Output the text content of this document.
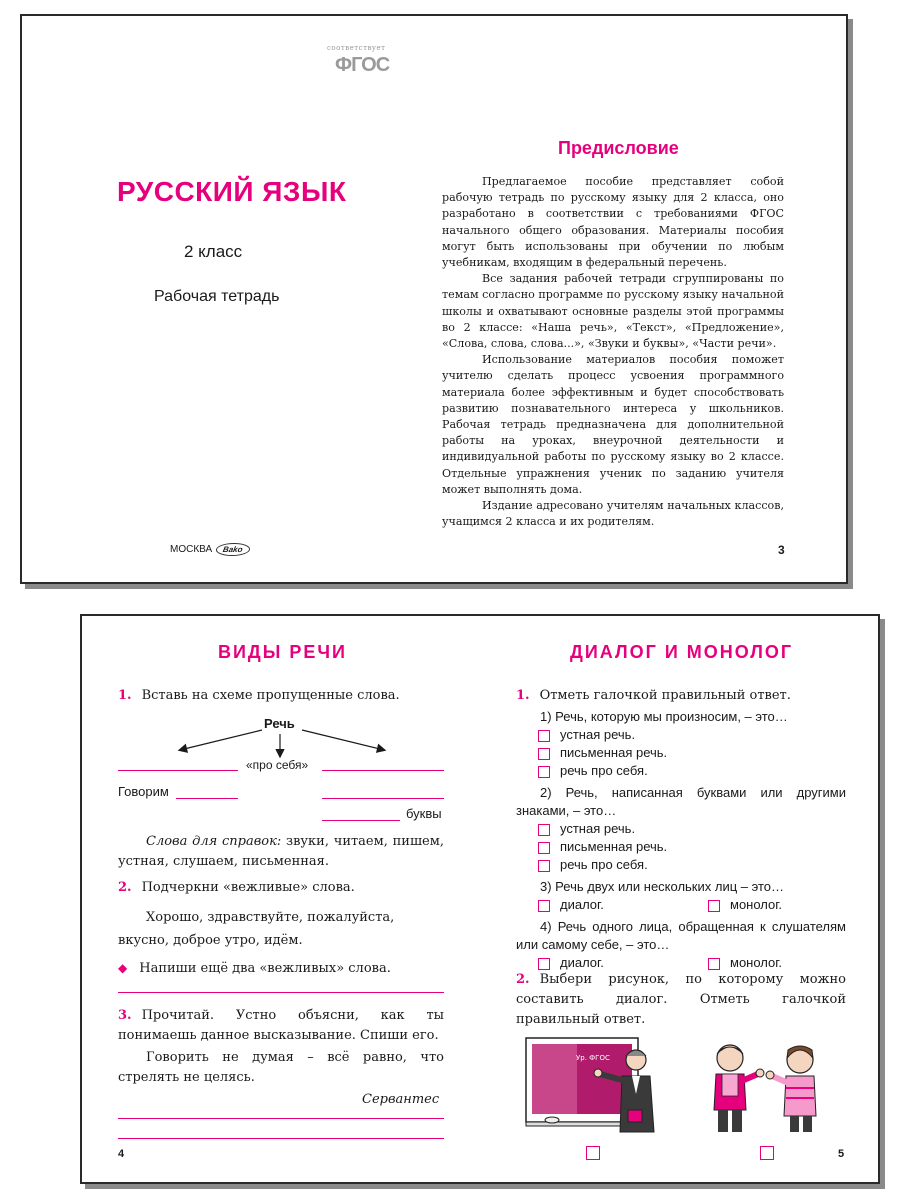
соответствует
ФГОС
РУССКИЙ ЯЗЫК
2 класс
Рабочая тетрадь
МОСКВА	Bako
Предисловие

Предлагаемое пособие представляет собой рабочую тетрадь по русскому языку для 2 класса, оно разработано в соответствии с требованиями ФГОС начального общего образования. Материалы пособия могут быть использованы при обучении по любым учебникам, входящим в федеральный перечень.

Все задания рабочей тетради сгруппированы по темам согласно программе по русскому языку начальной школы и охватывают основные разделы этой программы во 2 классе: «Наша речь», «Текст», «Предложение», «Слова, слова, слова...», «Звуки и буквы», «Части речи».

Использование материалов пособия поможет учителю сделать процесс усвоения программного материала более эффективным и будет способствовать развитию познавательного интереса у школьников. Рабочая тетрадь предназначена для дополнительной работы на уроках, внеурочной деятельности и индивидуальной работы по русскому языку во 2 классе. Отдельные упражнения ученик по заданию учителя может выполнять дома.

Издание адресовано учителям начальных классов, учащимся 2 класса и их родителям.

3
ВИДЫ РЕЧИ
1. Вставь на схеме пропущенные слова.
Речь
«про себя»
Говорим
буквы
Слова для справок: звуки, читаем, пишем, устная, слушаем, письменная.
2. Подчеркни «вежливые» слова.
Хорошо, здравствуйте, пожалуйста, вкусно, доброе утро, идём.
◆ Напиши ещё два «вежливых» слова.
3. Прочитай. Устно объясни, как ты понимаешь данное высказывание. Спиши его.
Говорить не думая – всё равно, что стрелять не целясь.
Сервантес
4
ДИАЛОГ И МОНОЛОГ
1. Отметь галочкой правильный ответ.
1) Речь, которую мы произносим, – это…
устная речь.
письменная речь.
речь про себя.
2) Речь, написанная буквами или другими знаками, – это…
устная речь.
письменная речь.
речь про себя.
3) Речь двух или нескольких лиц – это…
диалог.	монолог.
4) Речь одного лица, обращенная к слушателям или самому себе, – это…
диалог.	монолог.
2. Выбери рисунок, по которому можно составить диалог. Отметь галочкой правильный ответ.
Ур. ФГОС
5
